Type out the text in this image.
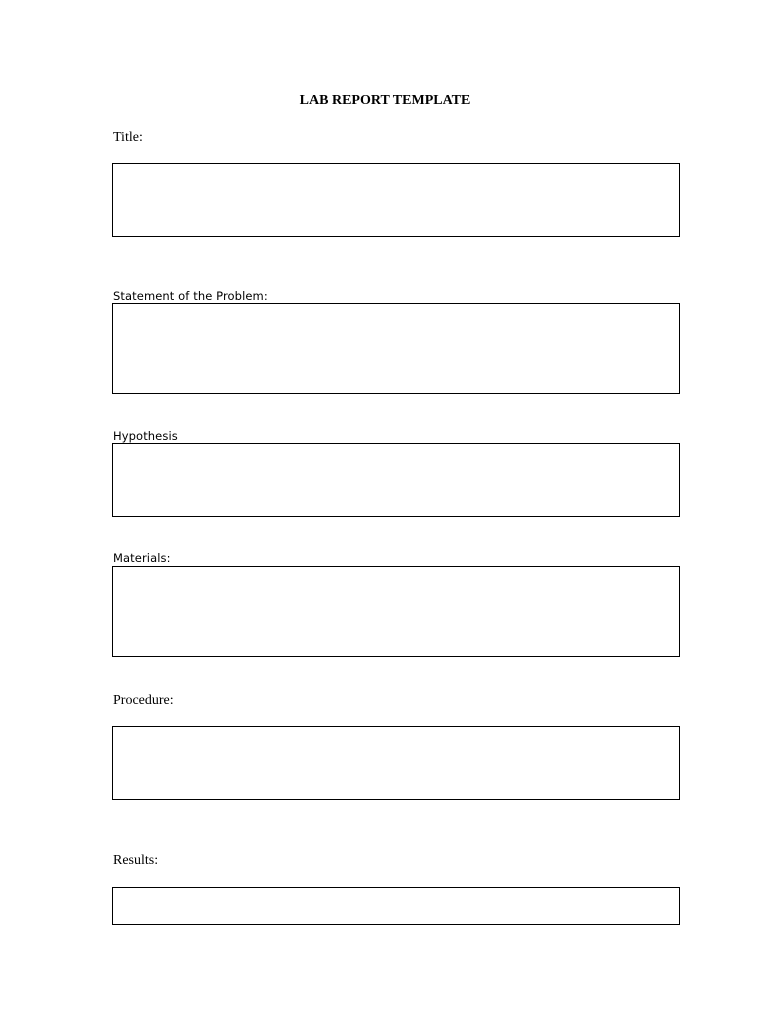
LAB REPORT TEMPLATE
Title:
Statement of the Problem:
Hypothesis
Materials:
Procedure:
Results:
